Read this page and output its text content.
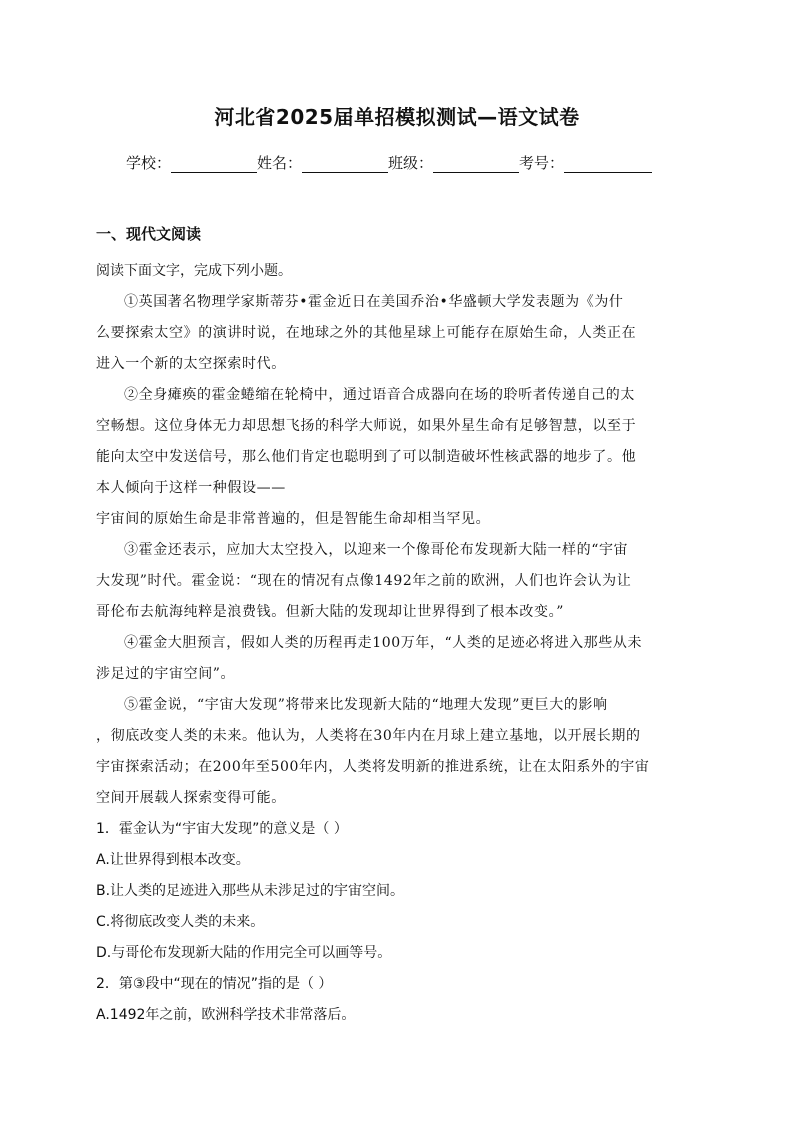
河北省2025届单招模拟测试—语文试卷
学校：	姓名：	班级：	考号：
一、现代文阅读
阅读下面文字，完成下列小题。
①英国著名物理学家斯蒂芬•霍金近日在美国乔治•华盛顿大学发表题为《为什
么要探索太空》的演讲时说，在地球之外的其他星球上可能存在原始生命，人类正在
进入一个新的太空探索时代。
②全身瘫痪的霍金蜷缩在轮椅中，通过语音合成器向在场的聆听者传递自己的太
空畅想。这位身体无力却思想飞扬的科学大师说，如果外星生命有足够智慧，以至于
能向太空中发送信号，那么他们肯定也聪明到了可以制造破坏性核武器的地步了。他
本人倾向于这样一种假设——
宇宙间的原始生命是非常普遍的，但是智能生命却相当罕见。
③霍金还表示，应加大太空投入，以迎来一个像哥伦布发现新大陆一样的“宇宙
大发现”时代。霍金说：“现在的情况有点像1492年之前的欧洲，人们也许会认为让
哥伦布去航海纯粹是浪费钱。但新大陆的发现却让世界得到了根本改变。”
④霍金大胆预言，假如人类的历程再走100万年，“人类的足迹必将进入那些从未
涉足过的宇宙空间”。
⑤霍金说，“宇宙大发现”将带来比发现新大陆的“地理大发现”更巨大的影响
，彻底改变人类的未来。他认为，人类将在30年内在月球上建立基地，以开展长期的
宇宙探索活动；在200年至500年内，人类将发明新的推进系统，让在太阳系外的宇宙
空间开展载人探索变得可能。
1．霍金认为“宇宙大发现”的意义是（ ）
A.让世界得到根本改变。
B.让人类的足迹进入那些从未涉足过的宇宙空间。
C.将彻底改变人类的未来。
D.与哥伦布发现新大陆的作用完全可以画等号。
2．第③段中“现在的情况”指的是（ ）
A.1492年之前，欧洲科学技术非常落后。
